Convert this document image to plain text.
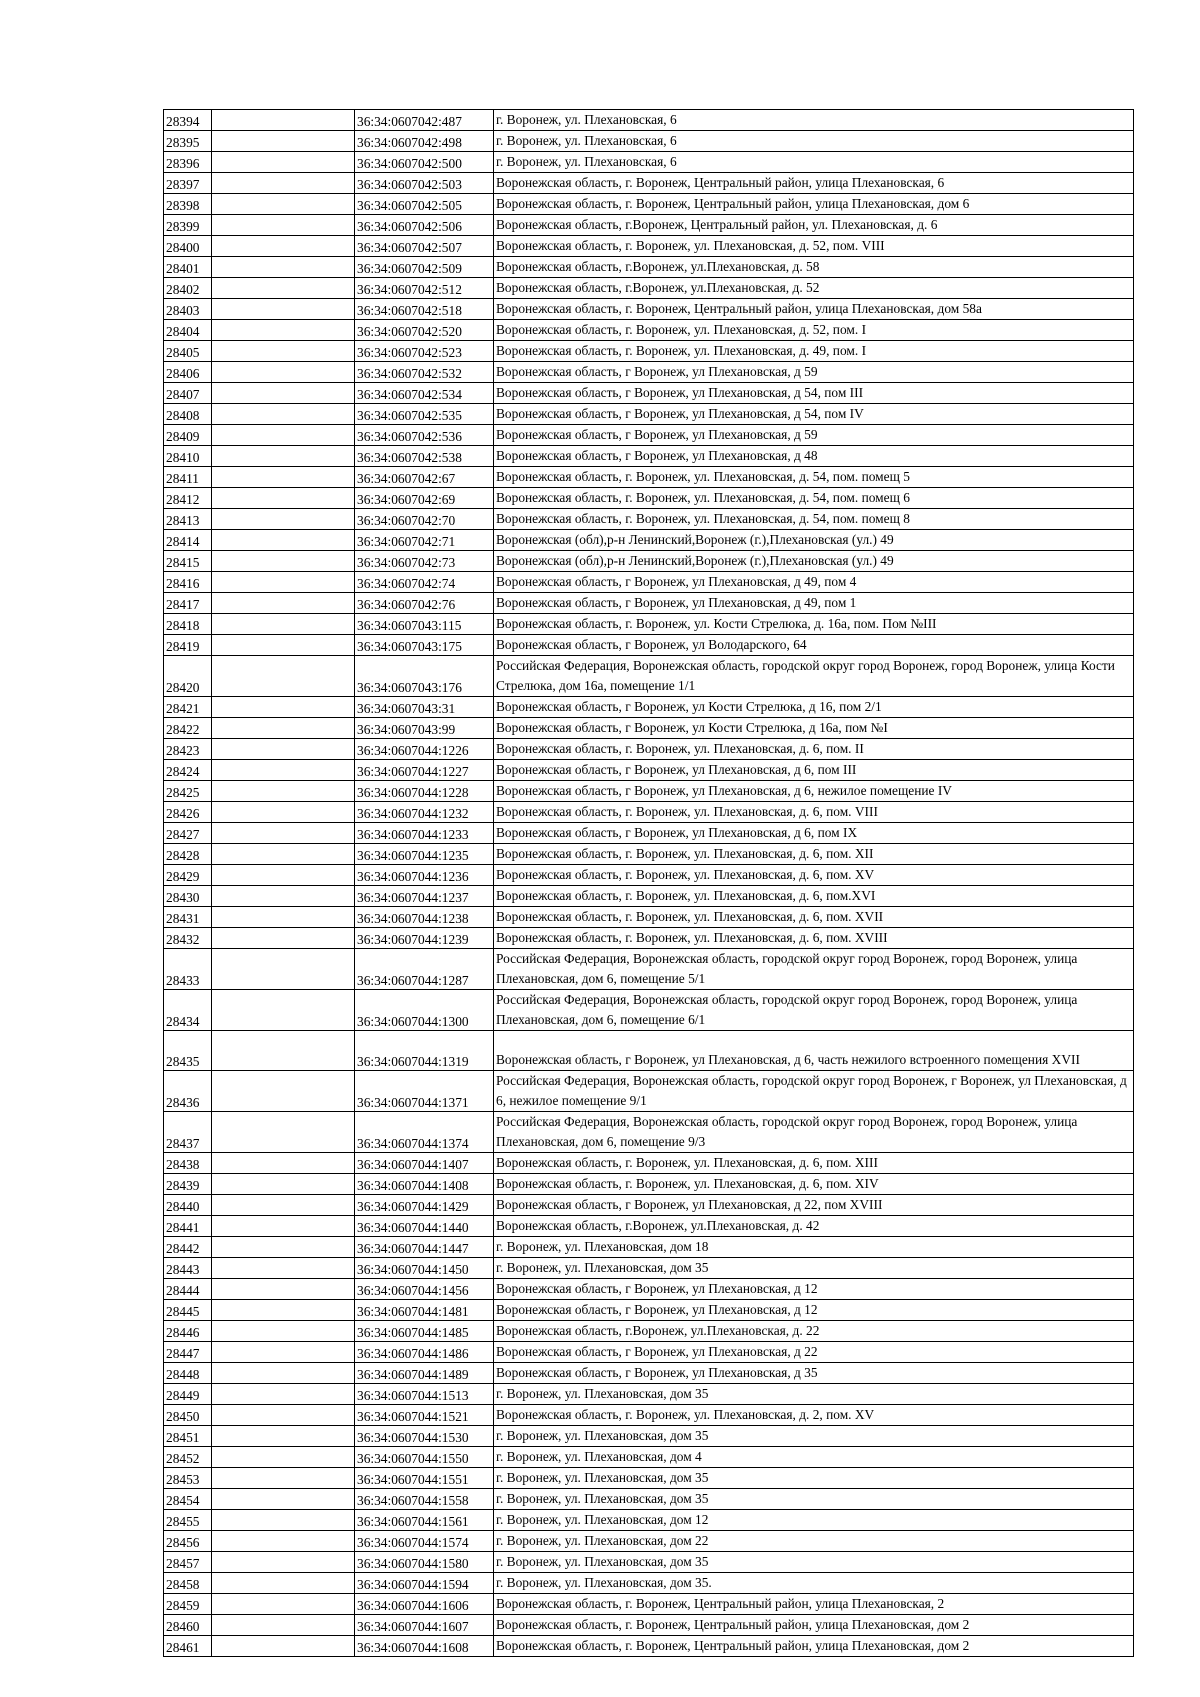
28394		36:34:0607042:487	г. Воронеж, ул. Плехановская, 6
28395		36:34:0607042:498	г. Воронеж, ул. Плехановская, 6
28396		36:34:0607042:500	г. Воронеж, ул. Плехановская, 6
28397		36:34:0607042:503	Воронежская область, г. Воронеж, Центральный район, улица Плехановская, 6
28398		36:34:0607042:505	Воронежская область, г. Воронеж, Центральный район, улица Плехановская, дом 6
28399		36:34:0607042:506	Воронежская область, г.Воронеж, Центральный район, ул. Плехановская, д. 6
28400		36:34:0607042:507	Воронежская область, г. Воронеж, ул. Плехановская, д. 52, пом. VIII
28401		36:34:0607042:509	Воронежская область, г.Воронеж, ул.Плехановская, д. 58
28402		36:34:0607042:512	Воронежская область, г.Воронеж, ул.Плехановская, д. 52
28403		36:34:0607042:518	Воронежская область, г. Воронеж, Центральный район, улица Плехановская, дом 58а
28404		36:34:0607042:520	Воронежская область, г. Воронеж, ул. Плехановская, д. 52, пом. I
28405		36:34:0607042:523	Воронежская область, г. Воронеж, ул. Плехановская, д. 49, пом. I
28406		36:34:0607042:532	Воронежская область, г Воронеж, ул Плехановская, д 59
28407		36:34:0607042:534	Воронежская область, г Воронеж, ул Плехановская, д 54, пом III
28408		36:34:0607042:535	Воронежская область, г Воронеж, ул Плехановская, д 54, пом IV
28409		36:34:0607042:536	Воронежская область, г Воронеж, ул Плехановская, д 59
28410		36:34:0607042:538	Воронежская область, г Воронеж, ул Плехановская, д 48
28411		36:34:0607042:67	Воронежская область, г. Воронеж, ул. Плехановская, д. 54, пом. помещ 5
28412		36:34:0607042:69	Воронежская область, г. Воронеж, ул. Плехановская, д. 54, пом. помещ 6
28413		36:34:0607042:70	Воронежская область, г. Воронеж, ул. Плехановская, д. 54, пом. помещ 8
28414		36:34:0607042:71	Воронежская (обл),р-н Ленинский,Воронеж (г.),Плехановская (ул.) 49
28415		36:34:0607042:73	Воронежская (обл),р-н Ленинский,Воронеж (г.),Плехановская (ул.) 49
28416		36:34:0607042:74	Воронежская область, г Воронеж, ул Плехановская, д 49, пом 4
28417		36:34:0607042:76	Воронежская область, г Воронеж, ул Плехановская, д 49, пом 1
28418		36:34:0607043:115	Воронежская область, г. Воронеж, ул. Кости Стрелюка, д. 16а, пом. Пом №III
28419		36:34:0607043:175	Воронежская область, г Воронеж, ул Володарского, 64
28420		36:34:0607043:176	Российская Федерация, Воронежская область, городской округ город Воронеж, город Воронеж, улица Кости Стрелюка, дом 16а, помещение 1/1
28421		36:34:0607043:31	Воронежская область, г Воронеж, ул Кости Стрелюка, д 16, пом 2/1
28422		36:34:0607043:99	Воронежская область, г Воронеж, ул Кости Стрелюка, д 16а, пом №I
28423		36:34:0607044:1226	Воронежская область, г. Воронеж, ул. Плехановская, д. 6, пом. II
28424		36:34:0607044:1227	Воронежская область, г Воронеж, ул Плехановская, д 6, пом III
28425		36:34:0607044:1228	Воронежская область, г Воронеж, ул Плехановская, д 6, нежилое помещение IV
28426		36:34:0607044:1232	Воронежская область, г. Воронеж, ул. Плехановская, д. 6, пом. VIII
28427		36:34:0607044:1233	Воронежская область, г Воронеж, ул Плехановская, д 6, пом IX
28428		36:34:0607044:1235	Воронежская область, г. Воронеж, ул. Плехановская, д. 6, пом. XII
28429		36:34:0607044:1236	Воронежская область, г. Воронеж, ул. Плехановская, д. 6, пом. XV
28430		36:34:0607044:1237	Воронежская область, г. Воронеж, ул. Плехановская, д. 6, пом.XVI
28431		36:34:0607044:1238	Воронежская область, г. Воронеж, ул. Плехановская, д. 6, пом. XVII
28432		36:34:0607044:1239	Воронежская область, г. Воронеж, ул. Плехановская, д. 6, пом. XVIII
28433		36:34:0607044:1287	Российская Федерация, Воронежская область, городской округ город Воронеж, город Воронеж, улица Плехановская, дом 6, помещение 5/1
28434		36:34:0607044:1300	Российская Федерация, Воронежская область, городской округ город Воронеж, город Воронеж, улица Плехановская, дом 6, помещение 6/1
28435		36:34:0607044:1319	Воронежская область, г Воронеж, ул Плехановская, д 6, часть нежилого встроенного помещения XVII
28436		36:34:0607044:1371	Российская Федерация, Воронежская область, городской округ город Воронеж, г Воронеж, ул Плехановская, д 6, нежилое помещение 9/1
28437		36:34:0607044:1374	Российская Федерация, Воронежская область, городской округ город Воронеж, город Воронеж, улица Плехановская, дом 6, помещение 9/3
28438		36:34:0607044:1407	Воронежская область, г. Воронеж, ул. Плехановская, д. 6, пом. XIII
28439		36:34:0607044:1408	Воронежская область, г. Воронеж, ул. Плехановская, д. 6, пом. XIV
28440		36:34:0607044:1429	Воронежская область, г Воронеж, ул Плехановская, д 22, пом XVIII
28441		36:34:0607044:1440	Воронежская область, г.Воронеж, ул.Плехановская, д. 42
28442		36:34:0607044:1447	г. Воронеж, ул. Плехановская, дом 18
28443		36:34:0607044:1450	г. Воронеж, ул. Плехановская, дом 35
28444		36:34:0607044:1456	Воронежская область, г Воронеж, ул Плехановская, д 12
28445		36:34:0607044:1481	Воронежская область, г Воронеж, ул Плехановская, д 12
28446		36:34:0607044:1485	Воронежская область, г.Воронеж, ул.Плехановская, д. 22
28447		36:34:0607044:1486	Воронежская область, г Воронеж, ул Плехановская, д 22
28448		36:34:0607044:1489	Воронежская область, г Воронеж, ул Плехановская, д 35
28449		36:34:0607044:1513	г. Воронеж, ул. Плехановская, дом 35
28450		36:34:0607044:1521	Воронежская область, г. Воронеж, ул. Плехановская, д. 2, пом. XV
28451		36:34:0607044:1530	г. Воронеж, ул. Плехановская, дом 35
28452		36:34:0607044:1550	г. Воронеж, ул. Плехановская, дом 4
28453		36:34:0607044:1551	г. Воронеж, ул. Плехановская, дом 35
28454		36:34:0607044:1558	г. Воронеж, ул. Плехановская, дом 35
28455		36:34:0607044:1561	г. Воронеж, ул. Плехановская, дом 12
28456		36:34:0607044:1574	г. Воронеж, ул. Плехановская, дом 22
28457		36:34:0607044:1580	г. Воронеж, ул. Плехановская, дом 35
28458		36:34:0607044:1594	г. Воронеж, ул. Плехановская, дом 35.
28459		36:34:0607044:1606	Воронежская область, г. Воронеж, Центральный район, улица Плехановская, 2
28460		36:34:0607044:1607	Воронежская область, г. Воронеж, Центральный район, улица Плехановская, дом 2
28461		36:34:0607044:1608	Воронежская область, г. Воронеж, Центральный район, улица Плехановская, дом 2
